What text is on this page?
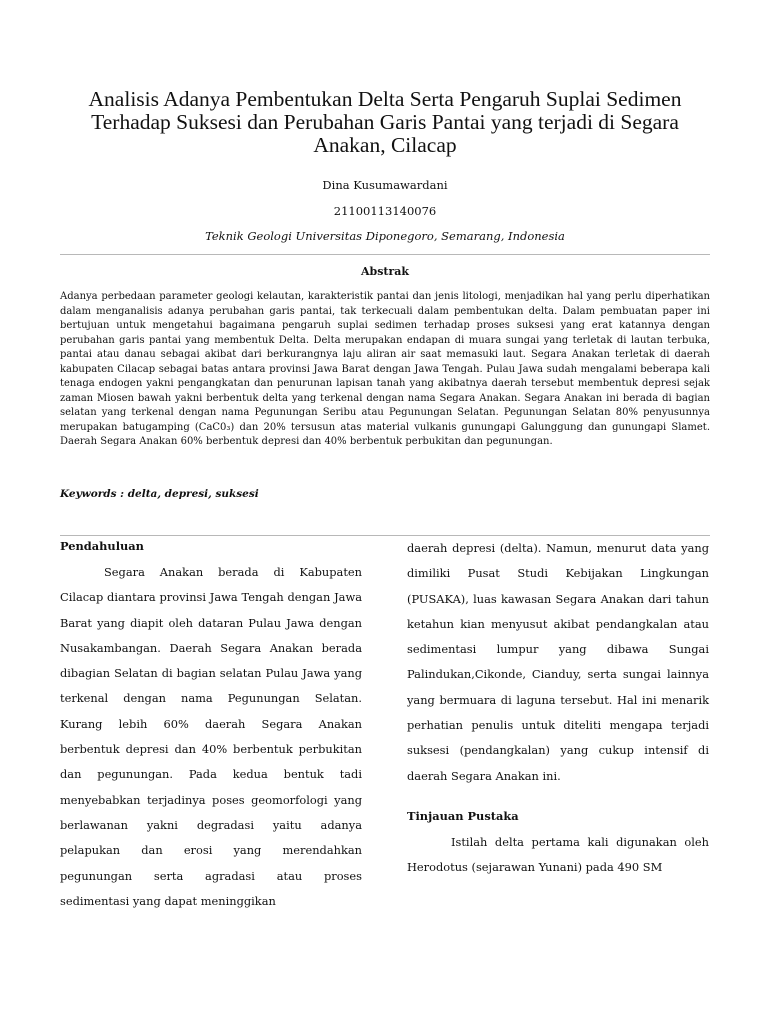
Analisis Adanya Pembentukan Delta Serta Pengaruh Suplai Sedimen Terhadap Suksesi dan Perubahan Garis Pantai yang terjadi di Segara Anakan, Cilacap
Dina Kusumawardani
21100113140076
Teknik Geologi Universitas Diponegoro, Semarang, Indonesia
Abstrak

Adanya perbedaan parameter geologi kelautan, karakteristik pantai dan jenis litologi, menjadikan hal yang perlu diperhatikan dalam menganalisis adanya perubahan garis pantai, tak terkecuali dalam pembentukan delta. Dalam pembuatan paper ini bertujuan untuk mengetahui bagaimana pengaruh suplai sedimen terhadap proses suksesi yang erat katannya dengan perubahan garis pantai yang membentuk Delta. Delta merupakan endapan di muara sungai yang terletak di lautan terbuka, pantai atau danau sebagai akibat dari berkurangnya laju aliran air saat memasuki laut. Segara Anakan terletak di daerah kabupaten Cilacap sebagai batas antara provinsi Jawa Barat dengan Jawa Tengah. Pulau Jawa sudah mengalami beberapa kali tenaga endogen yakni pengangkatan dan penurunan lapisan tanah yang akibatnya daerah tersebut membentuk depresi sejak zaman Miosen bawah yakni berbentuk delta yang terkenal dengan nama Segara Anakan. Segara Anakan ini berada di bagian selatan yang terkenal dengan nama Pegunungan Seribu atau Pegunungan Selatan. Pegunungan Selatan 80% penyusunnya merupakan batugamping (CaC0₃) dan 20% tersusun atas material vulkanis gunungapi Galunggung dan gunungapi Slamet. Daerah Segara Anakan 60% berbentuk depresi dan 40% berbentuk perbukitan dan pegunungan.

Keywords : delta, depresi, suksesi
Pendahuluan

Segara Anakan berada di Kabupaten Cilacap diantara provinsi Jawa Tengah dengan Jawa Barat yang diapit oleh dataran Pulau Jawa dengan Nusakambangan. Daerah Segara Anakan berada dibagian Selatan di bagian selatan Pulau Jawa yang terkenal dengan nama Pegunungan Selatan. Kurang lebih 60% daerah Segara Anakan berbentuk depresi dan 40% berbentuk perbukitan dan pegunungan. Pada kedua bentuk tadi menyebabkan terjadinya poses geomorfologi yang berlawanan yakni degradasi yaitu adanya pelapukan dan erosi yang merendahkan pegunungan serta agradasi atau proses sedimentasi yang dapat meninggikan

daerah depresi (delta). Namun, menurut data yang dimiliki Pusat Studi Kebijakan Lingkungan (PUSAKA), luas kawasan Segara Anakan dari tahun ketahun kian menyusut akibat pendangkalan atau sedimentasi lumpur yang dibawa Sungai Palindukan,Cikonde, Cianduy, serta sungai lainnya yang bermuara di laguna tersebut. Hal ini menarik perhatian penulis untuk diteliti mengapa terjadi suksesi (pendangkalan) yang cukup intensif di daerah Segara Anakan ini.

Tinjauan Pustaka

Istilah delta pertama kali digunakan oleh Herodotus (sejarawan Yunani) pada 490 SM
